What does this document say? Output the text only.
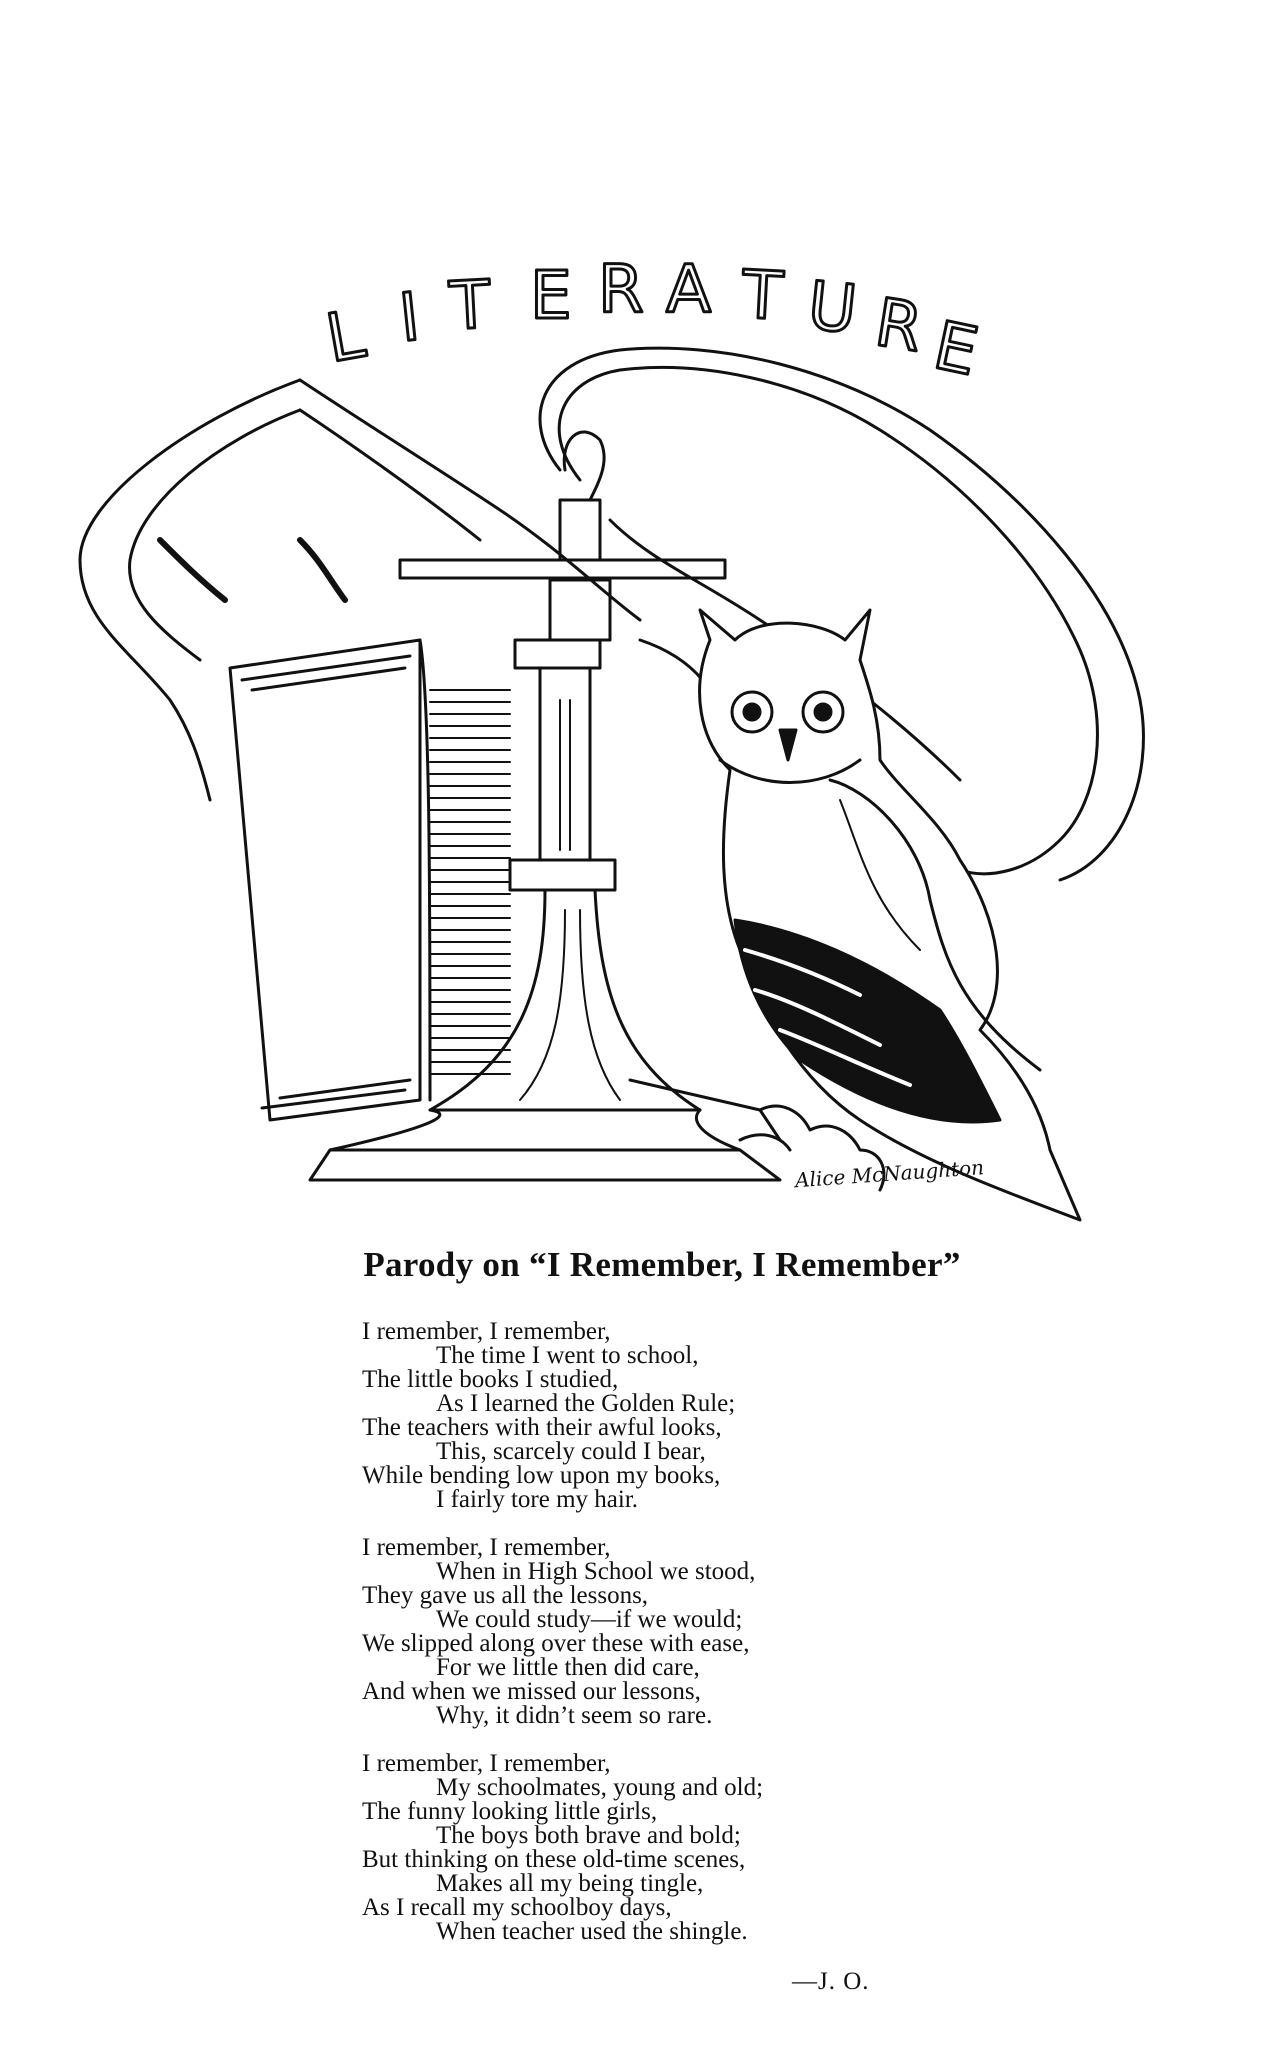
L I T E R A T U R E
Alice McNaughton
Parody on “I Remember, I Remember”
I remember, I remember,
The time I went to school,
The little books I studied,
As I learned the Golden Rule;
The teachers with their awful looks,
This, scarcely could I bear,
While bending low upon my books,
I fairly tore my hair.
I remember, I remember,
When in High School we stood,
They gave us all the lessons,
We could study—if we would;
We slipped along over these with ease,
For we little then did care,
And when we missed our lessons,
Why, it didn’t seem so rare.
I remember, I remember,
My schoolmates, young and old;
The funny looking little girls,
The boys both brave and bold;
But thinking on these old-time scenes,
Makes all my being tingle,
As I recall my schoolboy days,
When teacher used the shingle.
—J. O.
